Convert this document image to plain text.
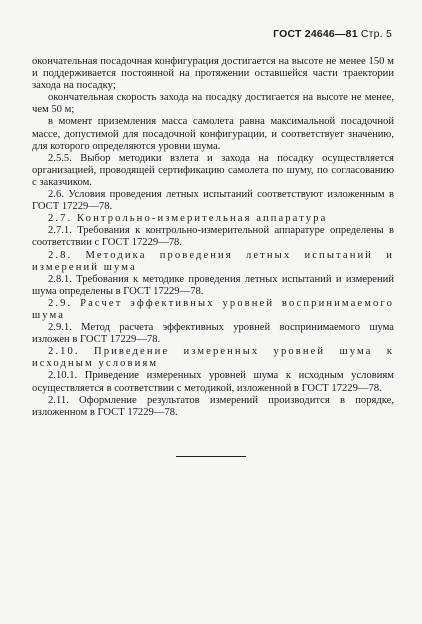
ГОСТ 24646—81 Стр. 5

окончательная посадочная конфигурация достигается на высоте не менее 150 м и поддерживается постоянной на протяжении оставшейся части траектории захода на посадку;

окончательная скорость захода на посадку достигается на высоте не менее, чем 50 м;

в момент приземления масса самолета равна максимальной посадочной массе, допустимой для посадочной конфигурации, и соответствует значению, для которого определяются уровни шума.

2.5.5. Выбор методики взлета и захода на посадку осуществляется организацией, проводящей сертификацию самолета по шуму, по согласованию с заказчиком.

2.6. Условия проведения летных испытаний соответствуют изложенным в ГОСТ 17229—78.

2.7. Контрольно-измерительная аппаратура

2.7.1. Требования к контрольно-измерительной аппаратуре определены в соответствии с ГОСТ 17229—78.

2.8. Методика проведения летных испытаний и измерений шума

2.8.1. Требования к методике проведения летных испытаний и измерений шума определены в ГОСТ 17229—78.

2.9. Расчет эффективных уровней воспринимаемого шума

2.9.1. Метод расчета эффективных уровней воспринимаемого шума изложен в ГОСТ 17229—78.

2.10. Приведение измеренных уровней шума к исходным условиям

2.10.1. Приведение измеренных уровней шума к исходным условиям осуществляется в соответствии с методикой, изложенной в ГОСТ 17229—78.

2.11. Оформление результатов измерений производится в порядке, изложенном в ГОСТ 17229—78.
